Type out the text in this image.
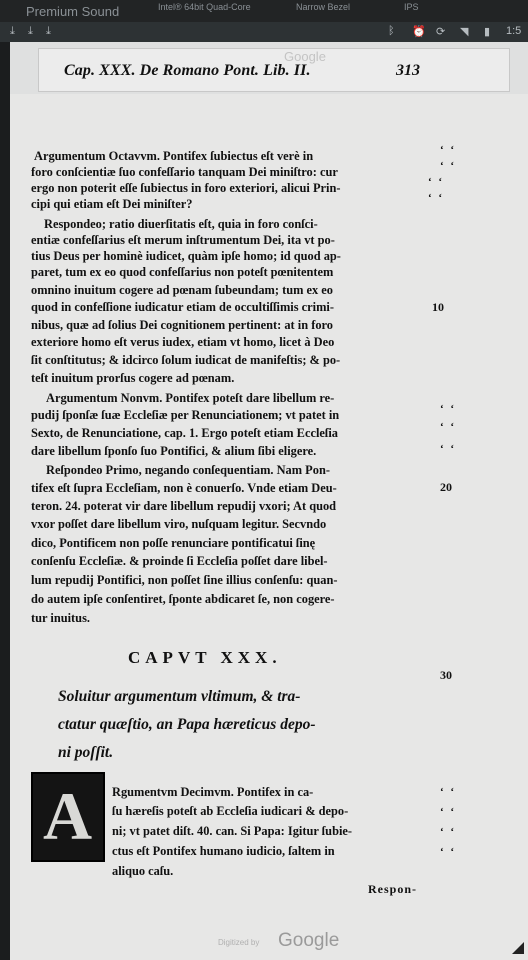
Premium Sound	Intel® 64bit Quad-Core	Narrow Bezel	IPS
⤓ ⤓ ⤓	ᛒ ⏰ ⟳ ◥ ▮ 1:5
Google
Cap. XXX. De Romano Pont. Lib. II.	313
Argumentum Octavvm. Pontifex ſubiectus eſt verè in
foro conſcientiæ ſuo confeſſario tanquam Dei miniſtro: cur
ergo non poterit eſſe ſubiectus in foro exteriori, alicui Prin-
cipi qui etiam eſt Dei miniſter?
Respondeo; ratio diuerſitatis eſt, quia in foro conſci-
entiæ confeſſarius eſt merum inſtrumentum Dei, ita vt po-
tius Deus per hominè iudicet, quàm ipſe homo; id quod ap-
paret, tum ex eo quod confeſſarius non poteſt pœnitentem
omnino inuitum cogere ad pœnam ſubeundam; tum ex eo
quod in confeſſione iudicatur etiam de occultiſſimis crimi-
nibus, quæ ad ſolius Dei cognitionem pertinent: at in foro
exteriore homo eſt verus iudex, etiam vt homo, licet à Deo
ſit conſtitutus; & idcirco ſolum iudicat de manifeſtis; & po-
teſt inuitum prorſus cogere ad pœnam.
Argumentum Nonvm. Pontifex poteſt dare libellum re-
pudij ſponſæ ſuæ Eccleſiæ per Renunciationem; vt patet in
Sexto, de Renunciatione, cap. 1. Ergo poteſt etiam Eccleſia
dare libellum ſponſo ſuo Pontifici, & alium ſibi eligere.
Reſpondeo Primo, negando conſequentiam. Nam Pon-
tifex eſt ſupra Eccleſiam, non è conuerſo. Vnde etiam Deu-
teron. 24. poterat vir dare libellum repudij vxori; At quod
vxor poſſet dare libellum viro, nuſquam legitur. Secvndo
dico, Pontificem non poſſe renunciare pontificatui ſinę
conſenſu Eccleſiæ. & proinde ſi Eccleſia poſſet dare libel-
lum repudij Pontifici, non poſſet ſine illius conſenſu: quan-
do autem ipſe conſentiret, ſponte abdicaret ſe, non cogere-
tur inuitus.
10
20
30
‘ ‘
‘ ‘
‘ ‘
‘ ‘
‘ ‘
‘ ‘
‘ ‘
CAPVT XXX.
Soluitur argumentum vltimum, & tra-
ctatur quæſtio, an Papa hæreticus depo-
ni poſſit.
A Rgumentvm Decimvm. Pontifex in ca-
ſu hæreſis poteſt ab Eccleſia iudicari & depo-
ni; vt patet diſt. 40. can. Si Papa: Igitur ſubie-
ctus eſt Pontifex humano iudicio, ſaltem in
aliquo caſu.
‘ ‘
‘ ‘
‘ ‘
‘ ‘
Respon-
Digitized by Google
